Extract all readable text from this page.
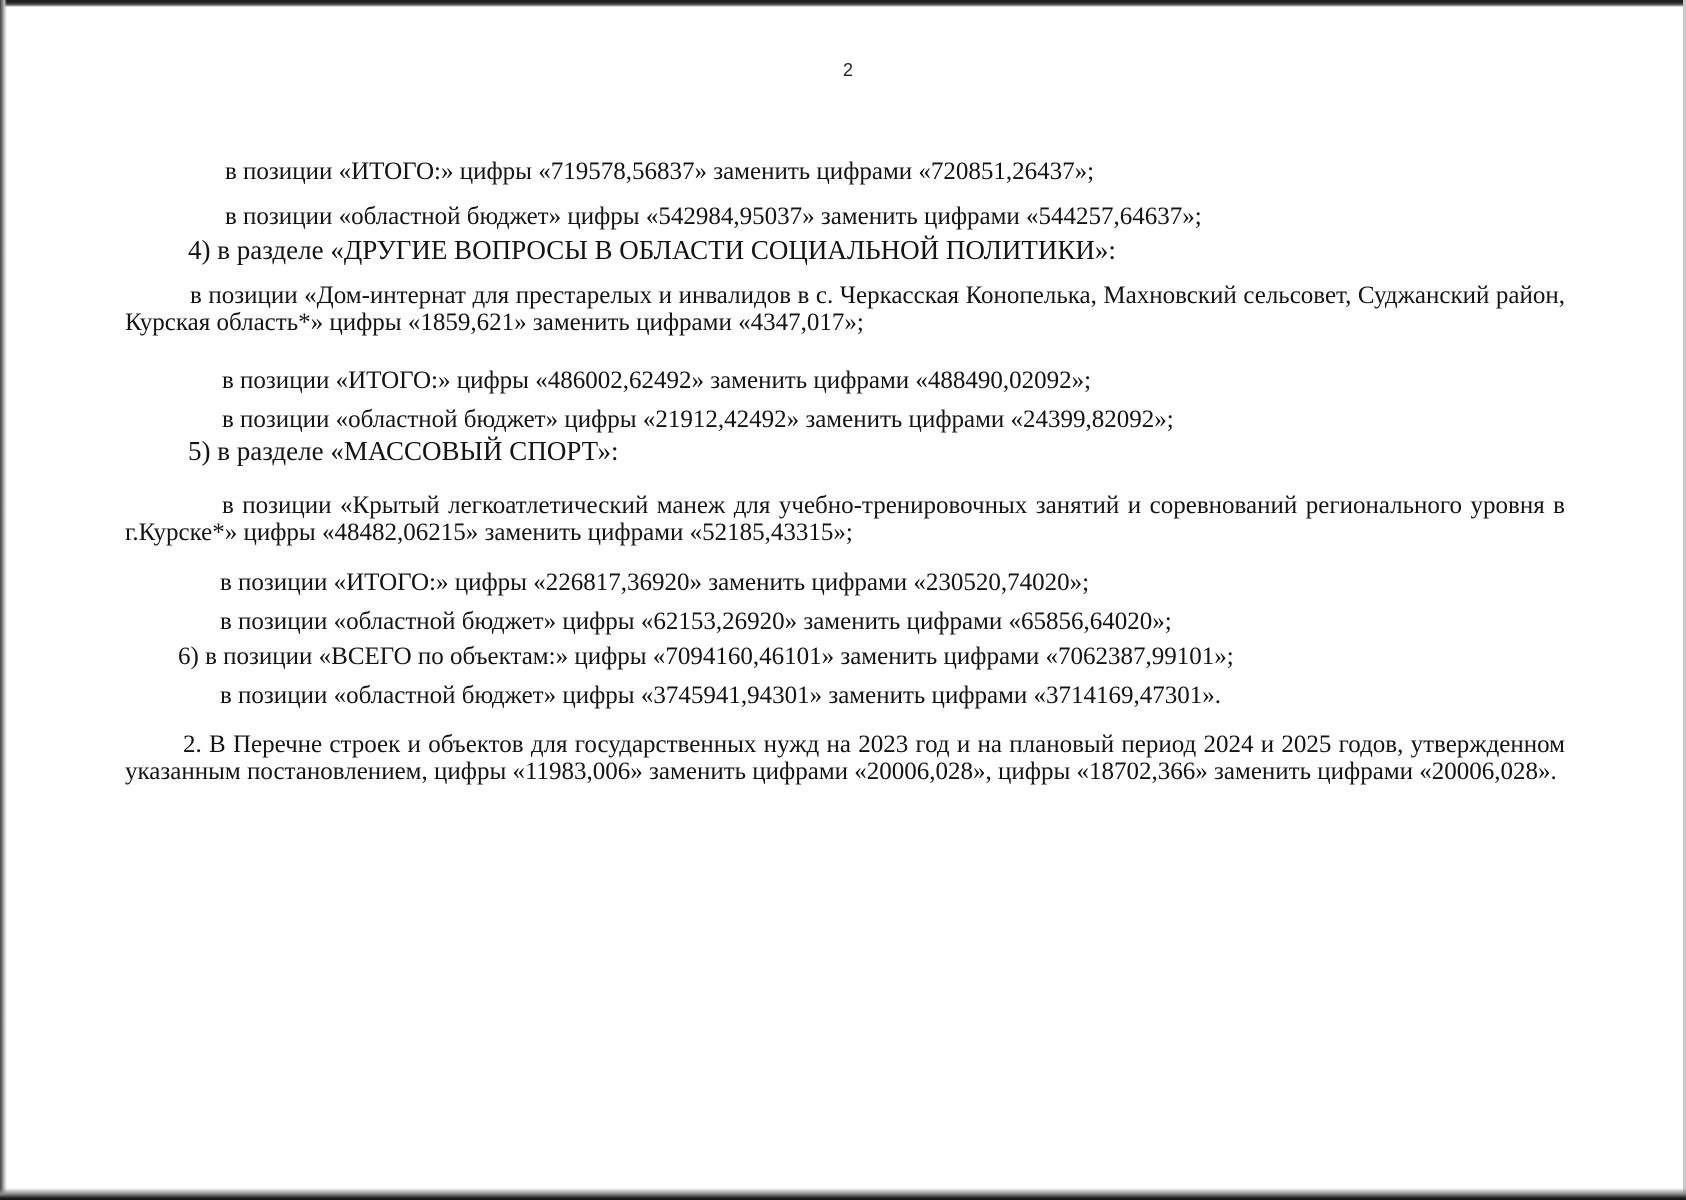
2
в позиции «ИТОГО:» цифры «719578,56837» заменить цифрами «720851,26437»;
в позиции «областной бюджет» цифры «542984,95037» заменить цифрами «544257,64637»;
4) в разделе «ДРУГИЕ ВОПРОСЫ В ОБЛАСТИ СОЦИАЛЬНОЙ ПОЛИТИКИ»:
в позиции «Дом-интернат для престарелых и инвалидов в с. Черкасская Конопелька, Махновский сельсовет, Суджанский район, Курская область*» цифры «1859,621» заменить цифрами «4347,017»;
в позиции «ИТОГО:» цифры «486002,62492» заменить цифрами «488490,02092»;
в позиции «областной бюджет» цифры «21912,42492» заменить цифрами «24399,82092»;
5) в разделе «МАССОВЫЙ СПОРТ»:
в позиции «Крытый легкоатлетический манеж для учебно-тренировочных занятий и соревнований регионального уровня в г.Курске*» цифры «48482,06215» заменить цифрами «52185,43315»;
в позиции «ИТОГО:» цифры «226817,36920» заменить цифрами «230520,74020»;
в позиции «областной бюджет» цифры «62153,26920» заменить цифрами «65856,64020»;
6) в позиции «ВСЕГО по объектам:» цифры «7094160,46101» заменить цифрами «7062387,99101»;
в позиции «областной бюджет» цифры «3745941,94301» заменить цифрами «3714169,47301».
2. В Перечне строек и объектов для государственных нужд на 2023 год и на плановый период 2024 и 2025 годов, утвержденном указанным постановлением, цифры «11983,006» заменить цифрами «20006,028», цифры «18702,366» заменить цифрами «20006,028».
